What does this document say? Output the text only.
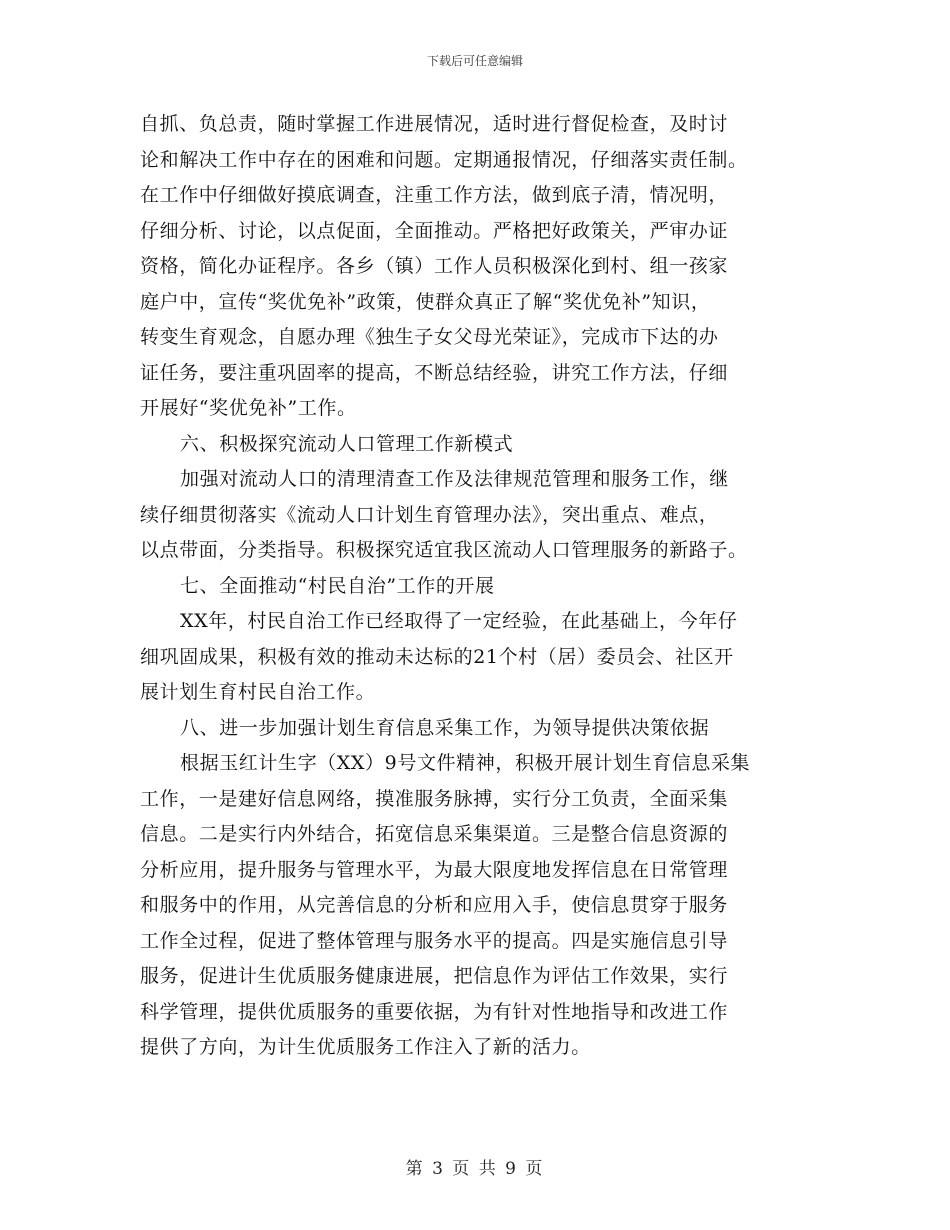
下载后可任意编辑
自抓、负总责，随时掌握工作进展情况，适时进行督促检查，及时讨
论和解决工作中存在的困难和问题。定期通报情况，仔细落实责任制。
在工作中仔细做好摸底调查，注重工作方法，做到底子清，情况明，
仔细分析、讨论，以点促面，全面推动。严格把好政策关，严审办证
资格，简化办证程序。各乡（镇）工作人员积极深化到村、组一孩家
庭户中，宣传“奖优免补”政策，使群众真正了解“奖优免补”知识，
转变生育观念，自愿办理《独生子女父母光荣证》，完成市下达的办
证任务，要注重巩固率的提高，不断总结经验，讲究工作方法，仔细
开展好“奖优免补”工作。
六、积极探究流动人口管理工作新模式
加强对流动人口的清理清查工作及法律规范管理和服务工作，继
续仔细贯彻落实《流动人口计划生育管理办法》，突出重点、难点，
以点带面，分类指导。积极探究适宜我区流动人口管理服务的新路子。
七、全面推动“村民自治”工作的开展
XX年，村民自治工作已经取得了一定经验，在此基础上，今年仔
细巩固成果，积极有效的推动未达标的21个村（居）委员会、社区开
展计划生育村民自治工作。
八、进一步加强计划生育信息采集工作，为领导提供决策依据
根据玉红计生字（XX）9号文件精神，积极开展计划生育信息采集
工作，一是建好信息网络，摸准服务脉搏，实行分工负责，全面采集
信息。二是实行内外结合，拓宽信息采集渠道。三是整合信息资源的
分析应用，提升服务与管理水平，为最大限度地发挥信息在日常管理
和服务中的作用，从完善信息的分析和应用入手，使信息贯穿于服务
工作全过程，促进了整体管理与服务水平的提高。四是实施信息引导
服务，促进计生优质服务健康进展，把信息作为评估工作效果，实行
科学管理，提供优质服务的重要依据，为有针对性地指导和改进工作
提供了方向，为计生优质服务工作注入了新的活力。
第 3 页 共 9 页
